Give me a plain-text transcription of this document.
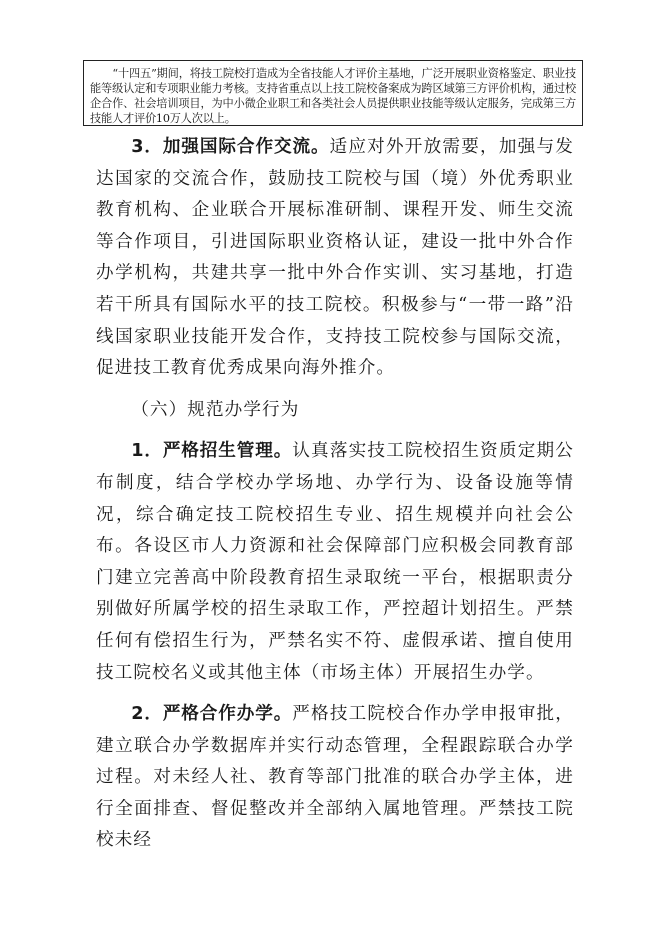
“十四五”期间，将技工院校打造成为全省技能人才评价主基地，广泛开展职业资格鉴定、职业技能等级认定和专项职业能力考核。支持省重点以上技工院校备案成为跨区域第三方评价机构，通过校企合作、社会培训项目，为中小微企业职工和各类社会人员提供职业技能等级认定服务，完成第三方技能人才评价10万人次以上。

3．加强国际合作交流。适应对外开放需要，加强与发达国家的交流合作，鼓励技工院校与国（境）外优秀职业教育机构、企业联合开展标准研制、课程开发、师生交流等合作项目，引进国际职业资格认证，建设一批中外合作办学机构，共建共享一批中外合作实训、实习基地，打造若干所具有国际水平的技工院校。积极参与“一带一路”沿线国家职业技能开发合作，支持技工院校参与国际交流，促进技工教育优秀成果向海外推介。

（六）规范办学行为

1．严格招生管理。认真落实技工院校招生资质定期公布制度，结合学校办学场地、办学行为、设备设施等情况，综合确定技工院校招生专业、招生规模并向社会公布。各设区市人力资源和社会保障部门应积极会同教育部门建立完善高中阶段教育招生录取统一平台，根据职责分别做好所属学校的招生录取工作，严控超计划招生。严禁任何有偿招生行为，严禁名实不符、虚假承诺、擅自使用技工院校名义或其他主体（市场主体）开展招生办学。

2．严格合作办学。严格技工院校合作办学申报审批，建立联合办学数据库并实行动态管理，全程跟踪联合办学过程。对未经人社、教育等部门批准的联合办学主体，进行全面排查、督促整改并全部纳入属地管理。严禁技工院校未经
